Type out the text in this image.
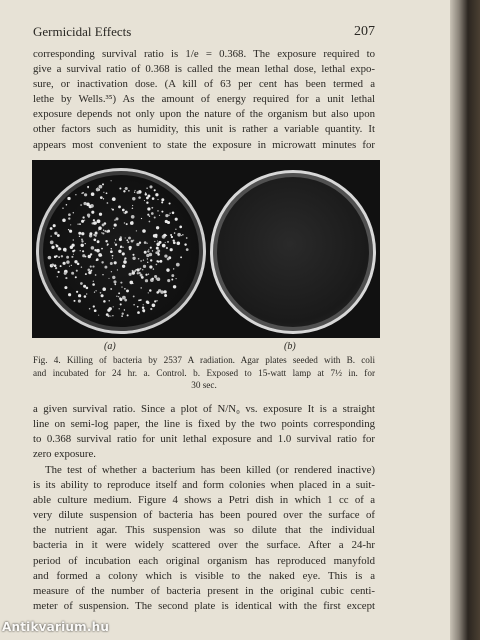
Germicidal Effects	207
corresponding survival ratio is 1/e = 0.368. The exposure required to
give a survival ratio of 0.368 is called the mean lethal dose, lethal expo-
sure, or inactivation dose. (A kill of 63 per cent has been termed a
lethe by Wells.³⁵) As the amount of energy required for a unit lethal
exposure depends not only upon the nature of the organism but also upon
other factors such as humidity, this unit is rather a variable quantity. It
appears most convenient to state the exposure in microwatt minutes for
(a)	(b)
Fig. 4. Killing of bacteria by 2537 A radiation. Agar plates seeded with B. coli
and incubated for 24 hr. a. Control. b. Exposed to 15-watt lamp at 7½ in. for
30 sec.
a given survival ratio. Since a plot of N/N₀ vs. exposure It is a straight
line on semi-log paper, the line is fixed by the two points corresponding
to 0.368 survival ratio for unit lethal exposure and 1.0 survival ratio for
zero exposure.
The test of whether a bacterium has been killed (or rendered inactive)
is its ability to reproduce itself and form colonies when placed in a suit-
able culture medium. Figure 4 shows a Petri dish in which 1 cc of a
very dilute suspension of bacteria has been poured over the surface of
the nutrient agar. This suspension was so dilute that the individual
bacteria in it were widely scattered over the surface. After a 24-hr
period of incubation each original organism has reproduced manyfold
and formed a colony which is visible to the naked eye. This is a
measure of the number of bacteria present in the original cubic centi-
meter of suspension. The second plate is identical with the first except
Antikvarium.hu
